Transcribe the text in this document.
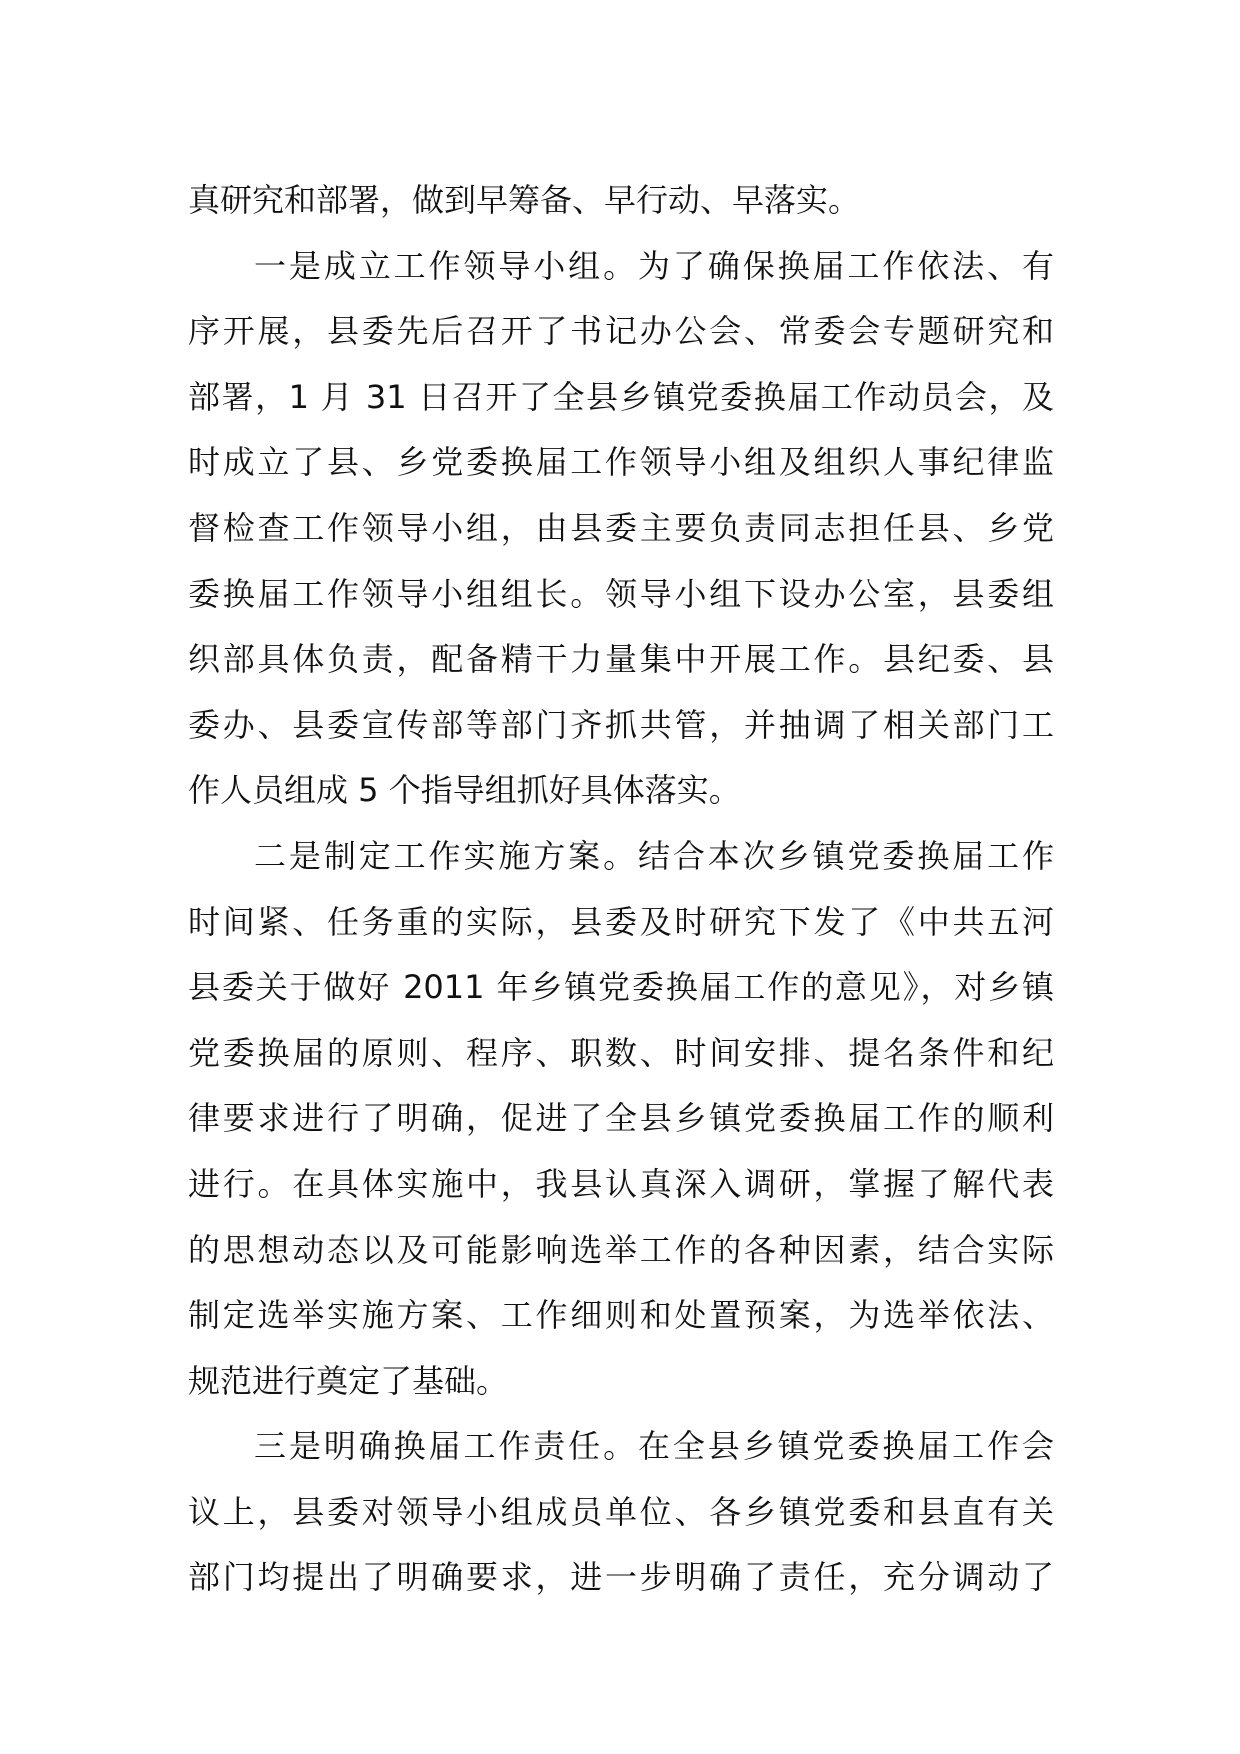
真研究和部署，做到早筹备、早行动、早落实。
一是成立工作领导小组。为了确保换届工作依法、有
序开展，县委先后召开了书记办公会、常委会专题研究和
部署，1 月 31 日召开了全县乡镇党委换届工作动员会，及
时成立了县、乡党委换届工作领导小组及组织人事纪律监
督检查工作领导小组，由县委主要负责同志担任县、乡党
委换届工作领导小组组长。领导小组下设办公室，县委组
织部具体负责，配备精干力量集中开展工作。县纪委、县
委办、县委宣传部等部门齐抓共管，并抽调了相关部门工
作人员组成 5 个指导组抓好具体落实。
二是制定工作实施方案。结合本次乡镇党委换届工作
时间紧、任务重的实际，县委及时研究下发了《中共五河
县委关于做好 2011 年乡镇党委换届工作的意见》，对乡镇
党委换届的原则、程序、职数、时间安排、提名条件和纪
律要求进行了明确，促进了全县乡镇党委换届工作的顺利
进行。在具体实施中，我县认真深入调研，掌握了解代表
的思想动态以及可能影响选举工作的各种因素，结合实际
制定选举实施方案、工作细则和处置预案，为选举依法、
规范进行奠定了基础。
三是明确换届工作责任。在全县乡镇党委换届工作会
议上，县委对领导小组成员单位、各乡镇党委和县直有关
部门均提出了明确要求，进一步明确了责任，充分调动了
